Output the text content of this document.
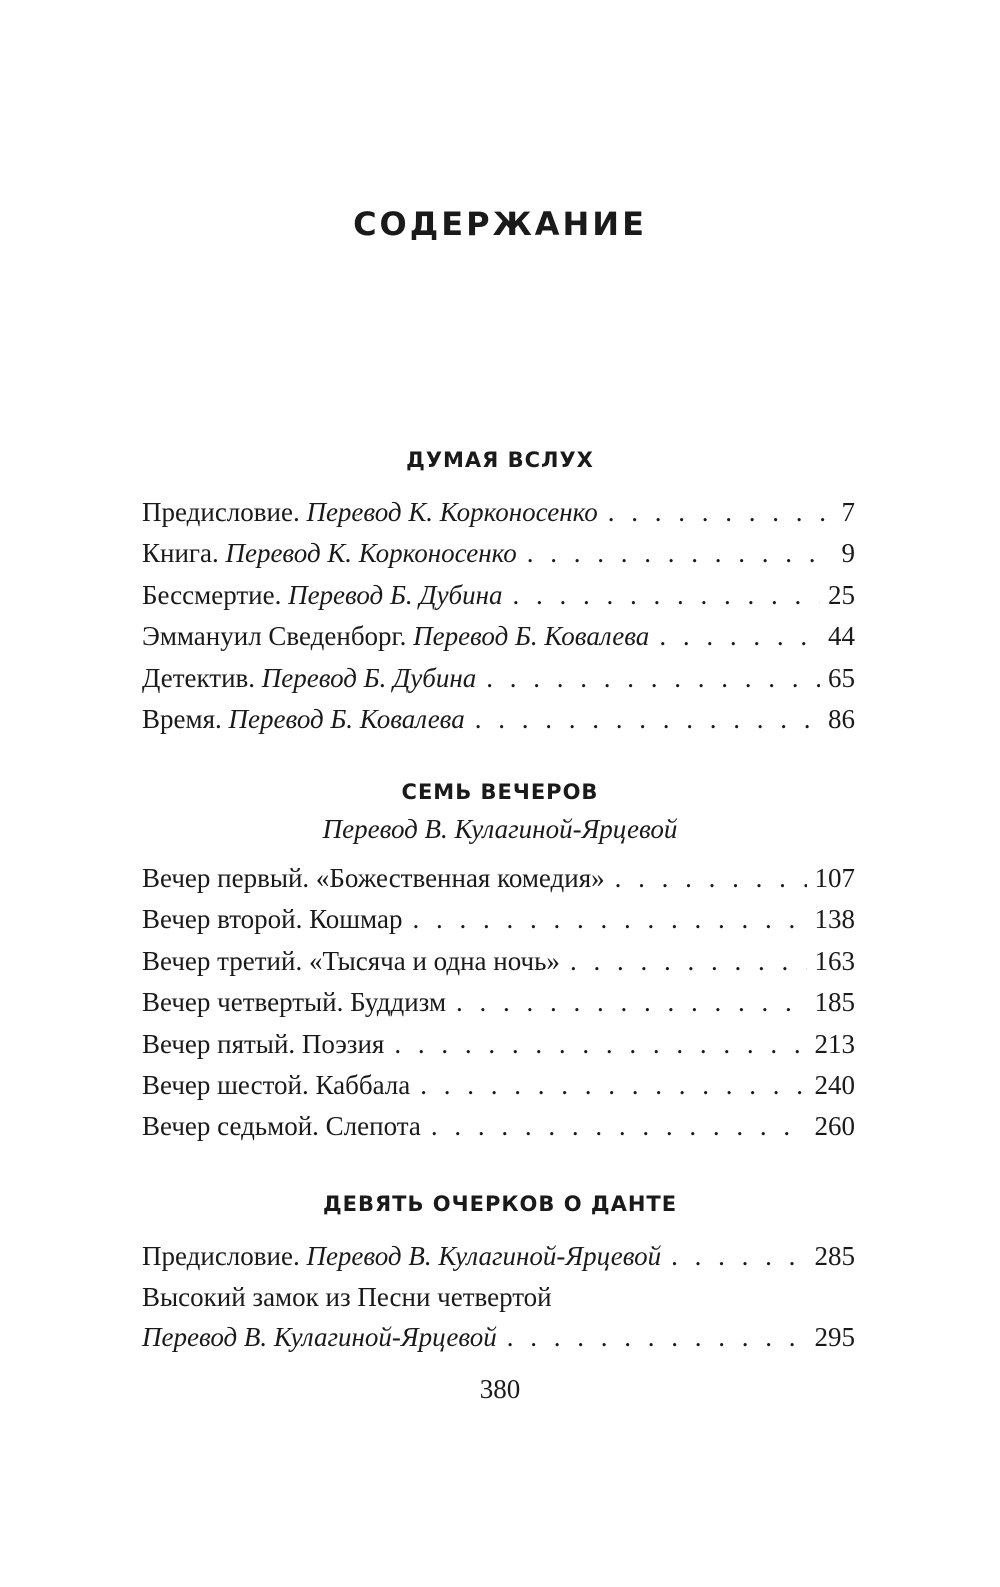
СОДЕРЖАНИЕ
ДУМАЯ ВСЛУХ
Предисловие. Перевод К. Корконосенко . . .	7
Книга. Перевод К. Корконосенко . . .	9
Бессмертие. Перевод Б. Дубина . . .	25
Эммануил Сведенборг. Перевод Б. Ковалева . . .	44
Детектив. Перевод Б. Дубина . . .	65
Время. Перевод Б. Ковалева . . .	86
СЕМЬ ВЕЧЕРОВ
Перевод В. Кулагиной-Ярцевой
Вечер первый. «Божественная комедия» . . .	107
Вечер второй. Кошмар . . .	138
Вечер третий. «Тысяча и одна ночь» . . .	163
Вечер четвертый. Буддизм . . .	185
Вечер пятый. Поэзия . . .	213
Вечер шестой. Каббала . . .	240
Вечер седьмой. Слепота . . .	260
ДЕВЯТЬ ОЧЕРКОВ О ДАНТЕ
Предисловие. Перевод В. Кулагиной-Ярцевой . . .	285
Высокий замок из Песни четвертой
Перевод В. Кулагиной-Ярцевой . . .	295
380
